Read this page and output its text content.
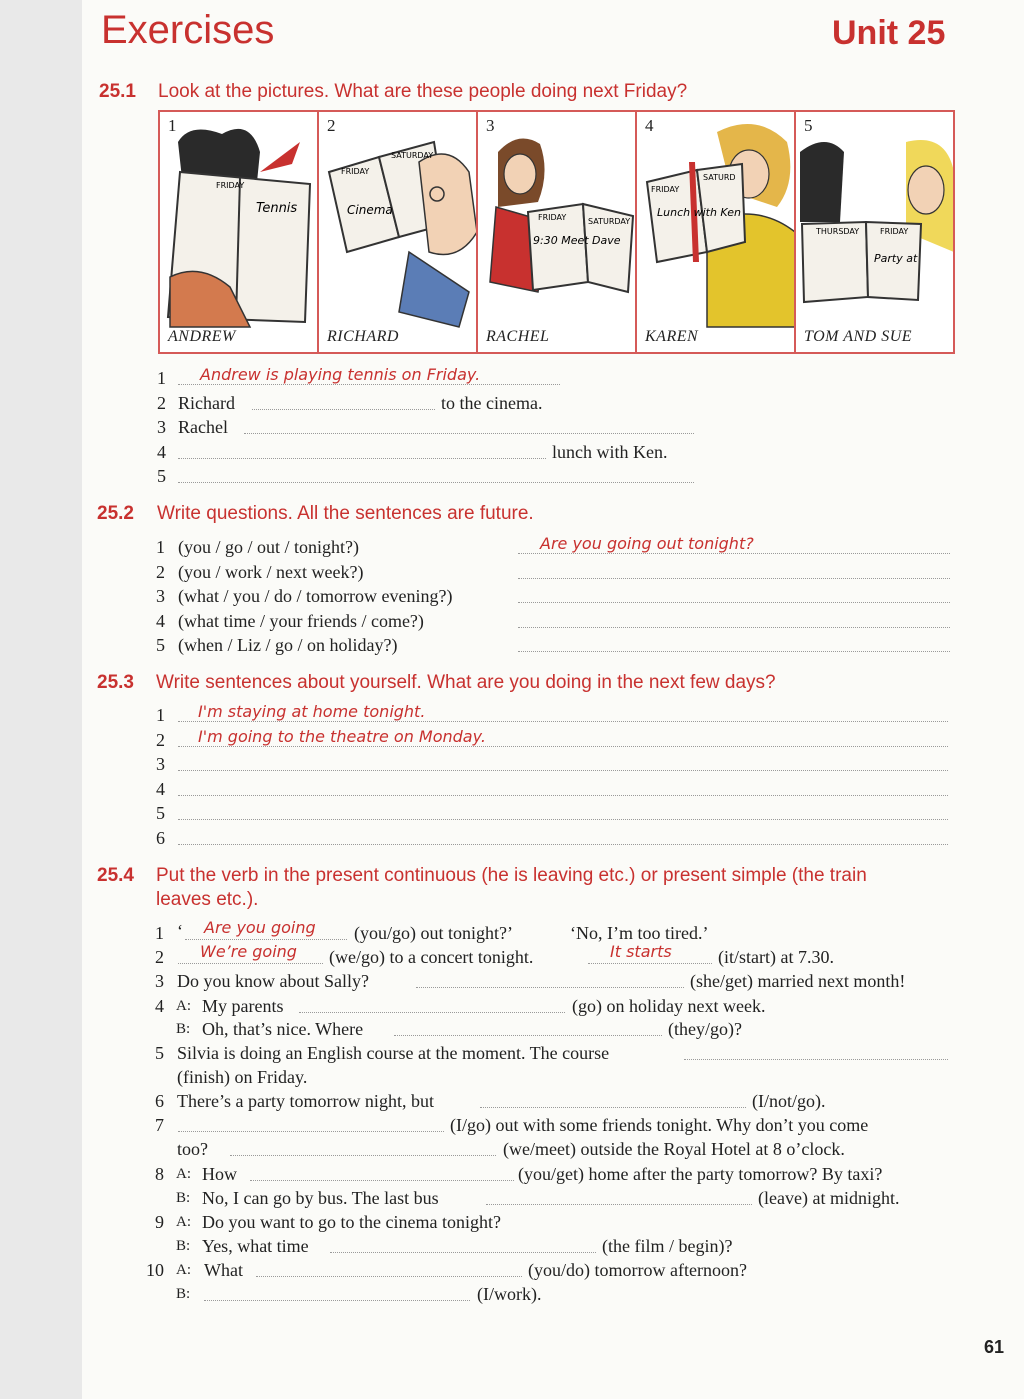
Exercises	Unit 25
25.1 Look at the pictures. What are these people doing next Friday?
1
FRIDAY
Tennis
ANDREW
2
FRIDAY
SATURDAY
Cinema
RICHARD
3
FRIDAY	SATURDAY
9:30 Meet Dave
RACHEL
4
FRIDAY
SATURD
Lunch with Ken
KAREN
5
THURSDAY	FRIDAY
Party at
TOM AND SUE
1 Andrew is playing tennis on Friday.
2 Richard	to the cinema.
3 Rachel
4	lunch with Ken.
5
25.2 Write questions. All the sentences are future.
1 (you / go / out / tonight?)	Are you going out tonight?
2 (you / work / next week?)
3 (what / you / do / tomorrow evening?)
4 (what time / your friends / come?)
5 (when / Liz / go / on holiday?)
25.3 Write sentences about yourself. What are you doing in the next few days?
1 I'm staying at home tonight.
2 I'm going to the theatre on Monday.
3
4
5
6
25.4 Put the verb in the present continuous (he is leaving etc.) or present simple (the train
leaves etc.).
1 ‘ Are you going (you/go) out tonight?’	‘No, I’m too tired.’
2 We’re going (we/go) to a concert tonight.	It starts	(it/start) at 7.30.
3 Do you know about Sally?	(she/get) married next month!
4 A: My parents	(go) on holiday next week.
B: Oh, that’s nice. Where	(they/go)?
5 Silvia is doing an English course at the moment. The course
(finish) on Friday.
6 There’s a party tomorrow night, but	(I/not/go).
7	(I/go) out with some friends tonight. Why don’t you come
too?	(we/meet) outside the Royal Hotel at 8 o’clock.
8 A: How	(you/get) home after the party tomorrow? By taxi?
B: No, I can go by bus. The last bus	(leave) at midnight.
9 A: Do you want to go to the cinema tonight?
B: Yes, what time	(the film / begin)?
10 A: What	(you/do) tomorrow afternoon?
B:	(I/work).
61
